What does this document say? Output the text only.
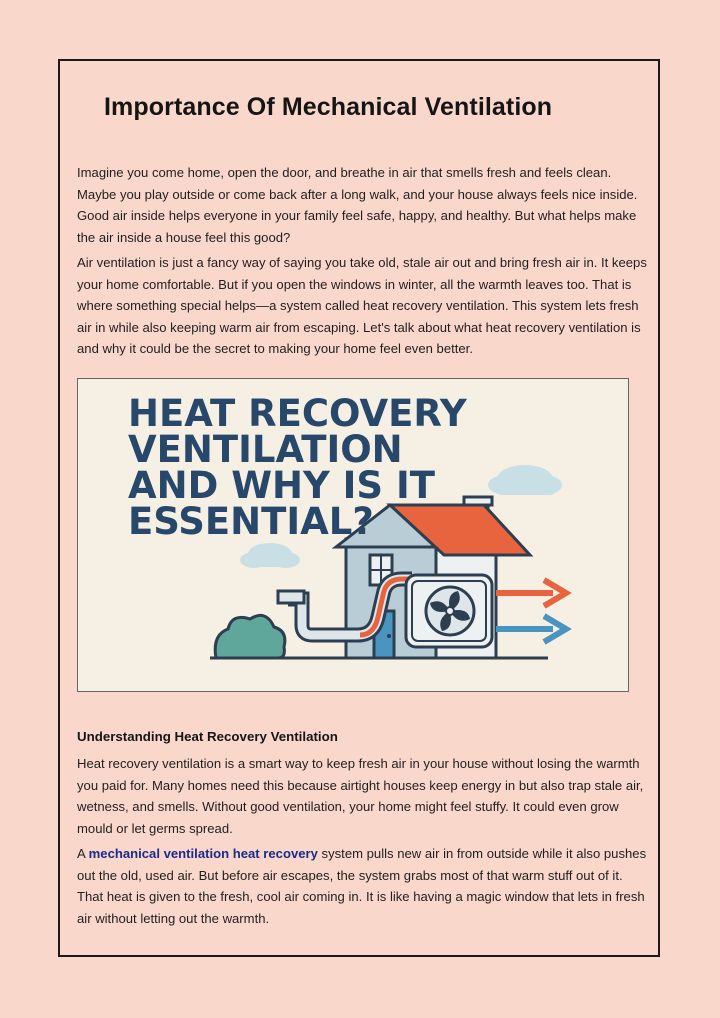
Importance Of Mechanical Ventilation

Imagine you come home, open the door, and breathe in air that smells fresh and feels clean. Maybe you play outside or come back after a long walk, and your house always feels nice inside. Good air inside helps everyone in your family feel safe, happy, and healthy. But what helps make the air inside a house feel this good?

Air ventilation is just a fancy way of saying you take old, stale air out and bring fresh air in. It keeps your home comfortable. But if you open the windows in winter, all the warmth leaves too. That is where something special helps—a system called heat recovery ventilation. This system lets fresh air in while also keeping warm air from escaping. Let's talk about what heat recovery ventilation is and why it could be the secret to making your home feel even better.

HEAT RECOVERY
VENTILATION
AND WHY IS IT
ESSENTIAL?
Understanding Heat Recovery Ventilation

Heat recovery ventilation is a smart way to keep fresh air in your house without losing the warmth you paid for. Many homes need this because airtight houses keep energy in but also trap stale air, wetness, and smells. Without good ventilation, your home might feel stuffy. It could even grow mould or let germs spread.

A mechanical ventilation heat recovery system pulls new air in from outside while it also pushes out the old, used air. But before air escapes, the system grabs most of that warm stuff out of it. That heat is given to the fresh, cool air coming in. It is like having a magic window that lets in fresh air without letting out the warmth.
